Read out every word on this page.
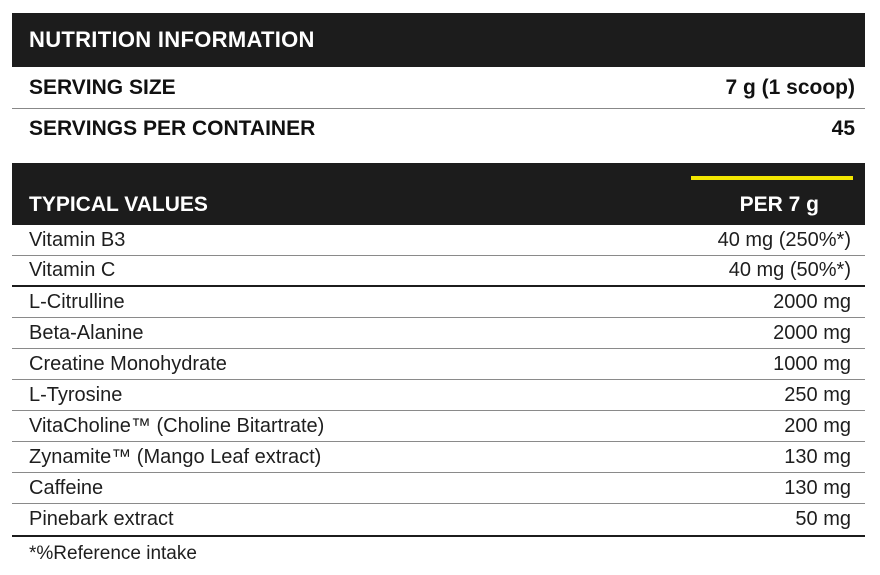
NUTRITION INFORMATION
SERVING SIZE	7 g (1 scoop)
SERVINGS PER CONTAINER	45
TYPICAL VALUES	PER 7 g
Vitamin B3	40 mg (250%*)
Vitamin C	40 mg (50%*)
L-Citrulline	2000 mg
Beta-Alanine	2000 mg
Creatine Monohydrate	1000 mg
L-Tyrosine	250 mg
VitaCholine™ (Choline Bitartrate)	200 mg
Zynamite™ (Mango Leaf extract)	130 mg
Caffeine	130 mg
Pinebark extract	50 mg
*%Reference intake
